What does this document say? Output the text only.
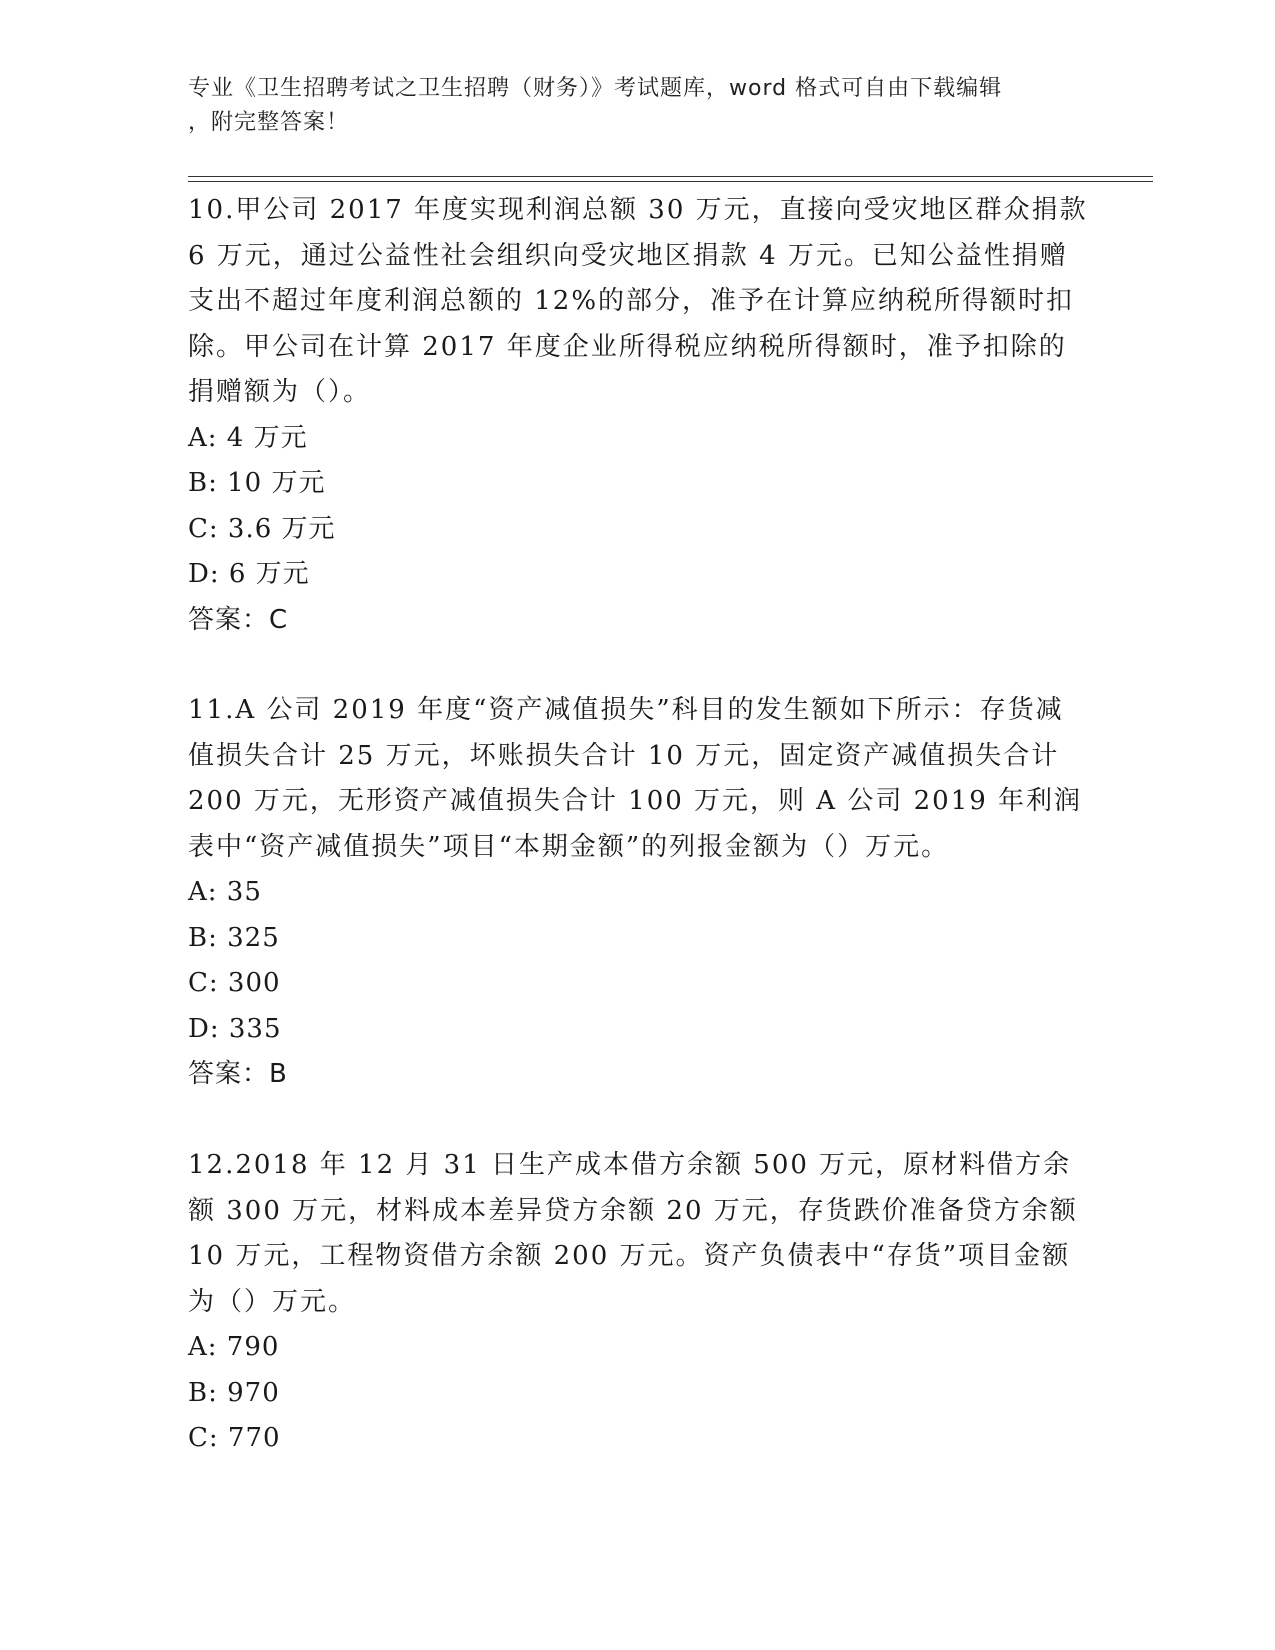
专业《卫生招聘考试之卫生招聘（财务）》考试题库，word 格式可自由下载编辑
，附完整答案！

10.甲公司 2017 年度实现利润总额 30 万元，直接向受灾地区群众捐款 6 万元，通过公益性社会组织向受灾地区捐款 4 万元。已知公益性捐赠支出不超过年度利润总额的 12%的部分，准予在计算应纳税所得额时扣除。甲公司在计算 2017 年度企业所得税应纳税所得额时，准予扣除的捐赠额为（）。

A: 4 万元

B: 10 万元

C: 3.6 万元

D: 6 万元

答案：C

11.A 公司 2019 年度“资产减值损失”科目的发生额如下所示：存货减值损失合计 25 万元，坏账损失合计 10 万元，固定资产减值损失合计 200 万元，无形资产减值损失合计 100 万元，则 A 公司 2019 年利润表中“资产减值损失”项目“本期金额”的列报金额为（）万元。

A: 35

B: 325

C: 300

D: 335

答案：B

12.2018 年 12 月 31 日生产成本借方余额 500 万元，原材料借方余额 300 万元，材料成本差异贷方余额 20 万元，存货跌价准备贷方余额 10 万元，工程物资借方余额 200 万元。资产负债表中“存货”项目金额为（）万元。

A: 790

B: 970

C: 770
